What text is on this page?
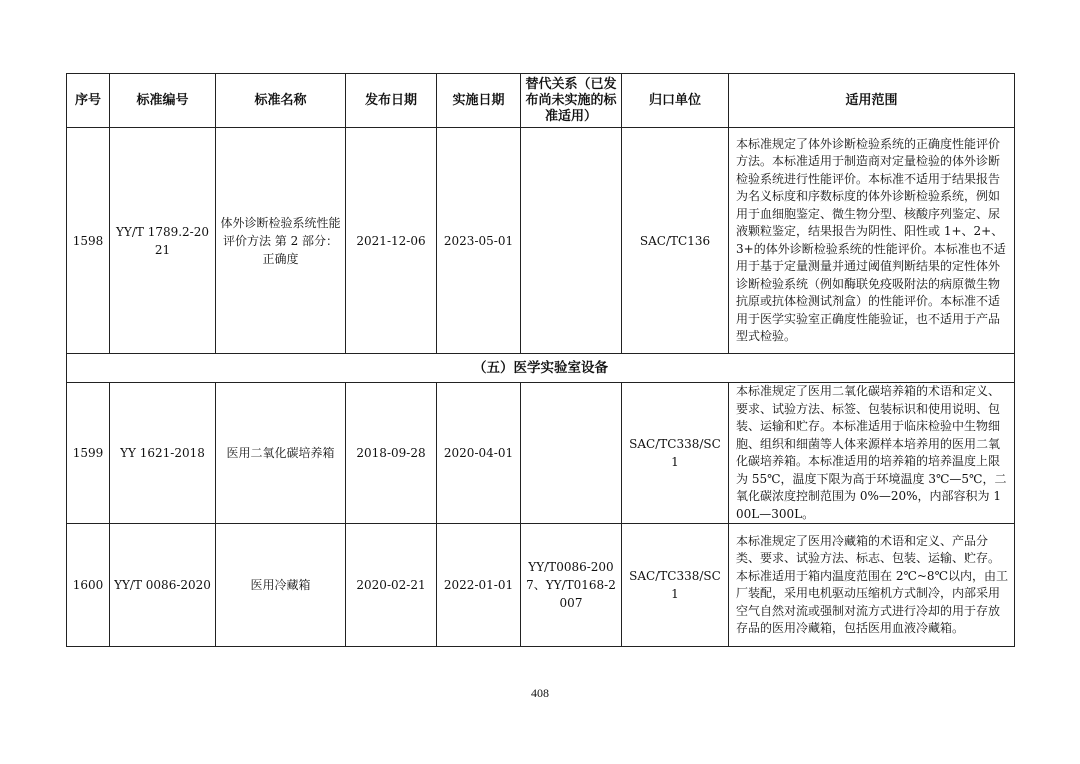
序号	标准编号	标准名称	发布日期	实施日期	替代关系（已发布尚未实施的标准适用）	归口单位	适用范围
1598	YY/T 1789.2-2021	体外诊断检验系统性能评价方法 第 2 部分：正确度	2021-12-06	2023-05-01		SAC/TC136	本标准规定了体外诊断检验系统的正确度性能评价方法。本标准适用于制造商对定量检验的体外诊断检验系统进行性能评价。本标准不适用于结果报告为名义标度和序数标度的体外诊断检验系统，例如用于血细胞鉴定、微生物分型、核酸序列鉴定、尿液颗粒鉴定，结果报告为阴性、阳性或 1+、2+、3+的体外诊断检验系统的性能评价。本标准也不适用于基于定量测量并通过阈值判断结果的定性体外诊断检验系统（例如酶联免疫吸附法的病原微生物抗原或抗体检测试剂盒）的性能评价。本标准不适用于医学实验室正确度性能验证，也不适用于产品型式检验。
（五）医学实验室设备							
1599	YY 1621-2018	医用二氧化碳培养箱	2018-09-28	2020-04-01		SAC/TC338/SC1	本标准规定了医用二氧化碳培养箱的术语和定义、要求、试验方法、标签、包装标识和使用说明、包装、运输和贮存。本标准适用于临床检验中生物细胞、组织和细菌等人体来源样本培养用的医用二氧化碳培养箱。本标准适用的培养箱的培养温度上限为 55℃，温度下限为高于环境温度 3℃—5℃，二氧化碳浓度控制范围为 0%—20%，内部容积为 100L—300L。
1600	YY/T 0086-2020	医用冷藏箱	2020-02-21	2022-01-01	YY/T0086-2007、YY/T0168-2007	SAC/TC338/SC1	本标准规定了医用冷藏箱的术语和定义、产品分类、要求、试验方法、标志、包装、运输、贮存。本标准适用于箱内温度范围在 2℃~8℃以内，由工厂装配，采用电机驱动压缩机方式制冷，内部采用空气自然对流或强制对流方式进行冷却的用于存放存品的医用冷藏箱，包括医用血液冷藏箱。
408
